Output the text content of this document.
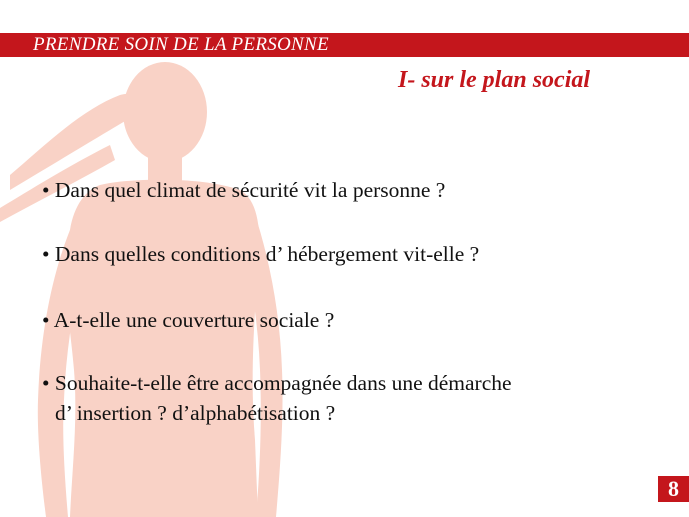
PRENDRE SOIN DE LA PERSONNE
I- sur le plan social
• Dans quel climat de sécurité vit la personne ?
• Dans quelles conditions d’ hébergement vit-elle ?
• A-t-elle une couverture sociale ?
• Souhaite-t-elle être accompagnée dans une démarche
d’ insertion ? d’alphabétisation ?
8
